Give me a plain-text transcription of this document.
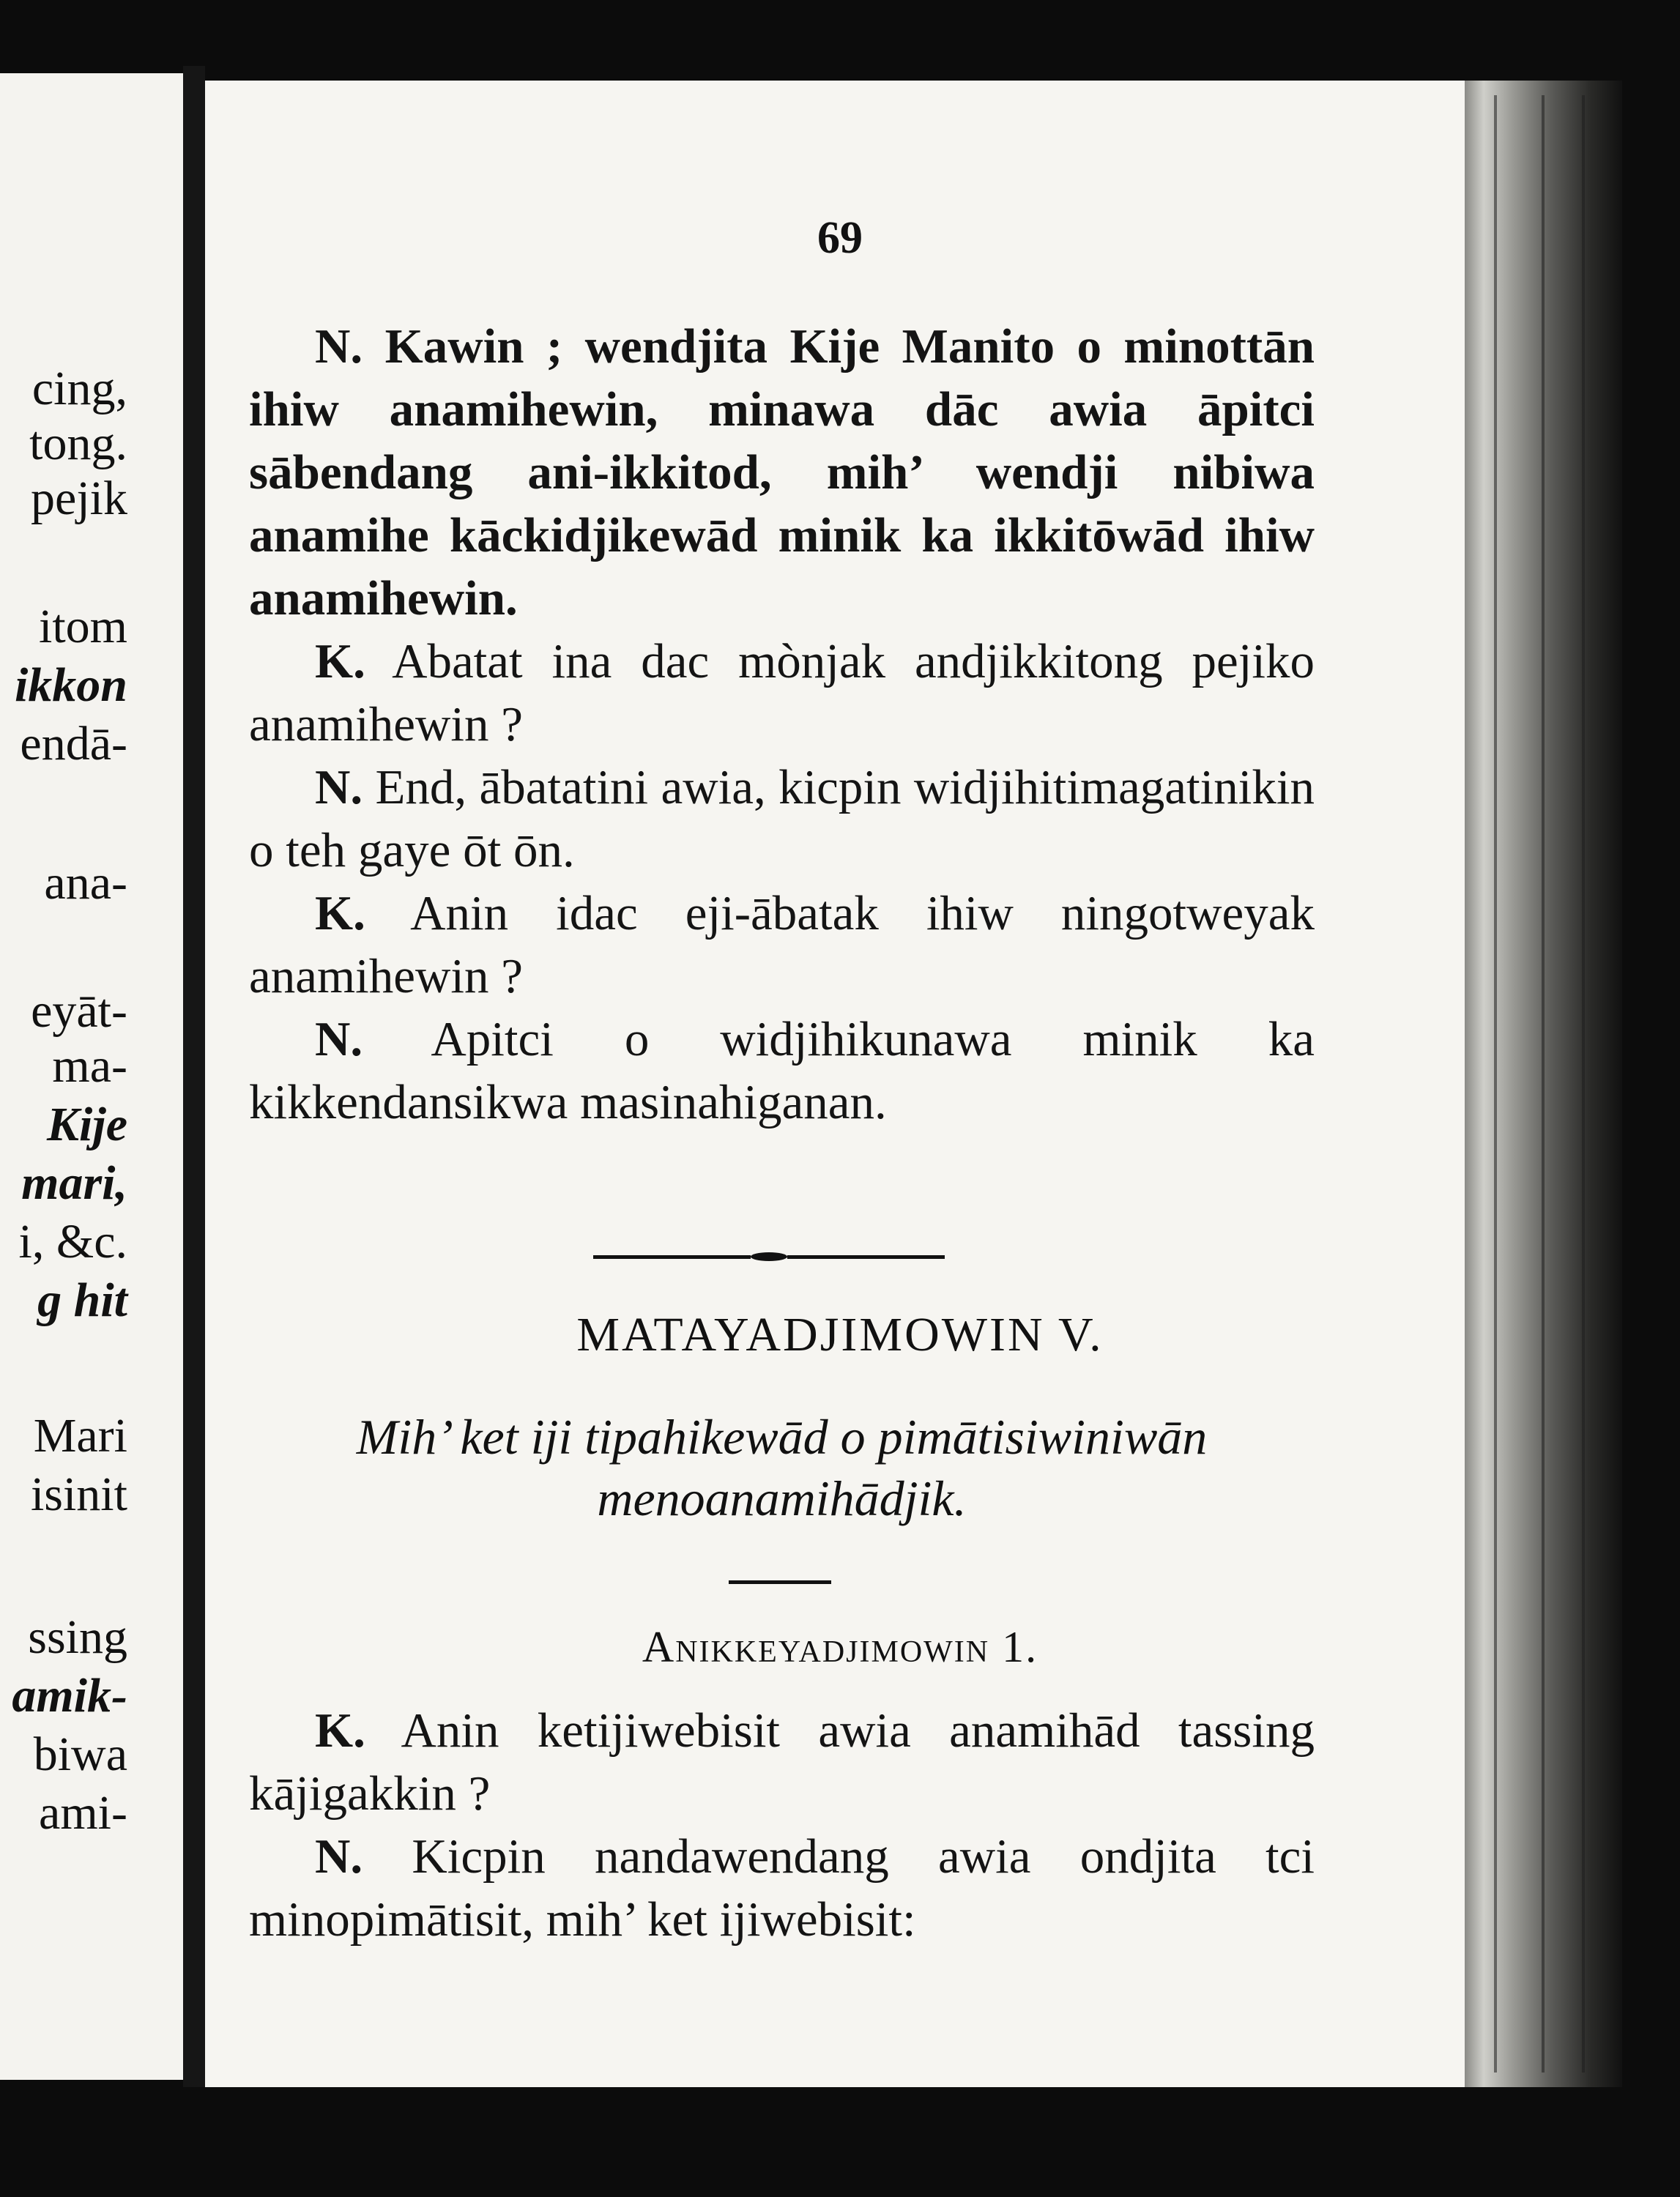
cing,
tong.
pejik
itom
ikkon
endā-
ana-
eyāt-
ma-
Kije
mari,
i, &c.
g hit
Mari
isinit
ssing
amik-
biwa
ami-
69

N. Kawin ; wendjita Kije Manito o minottān ihiw anamihewin, minawa dāc awia āpitci sābendang ani-ikkitod, mih’ wendji nibiwa anamihe kāckidjikewād minik ka ikkitōwād ihiw anamihewin.

K. Abatat ina dac mònjak andjikkitong pejiko anamihewin ?

N. End, ābatatini awia, kicpin widjihitimagatinikin o teh gaye ōt ōn.

K. Anin idac eji-ābatak ihiw ningotweyak anamihewin ?

N. Apitci o widjihikunawa minik ka kikkendansikwa masinahiganan.

MATAYADJIMOWIN V.
Mih’ ket iji tipahikewād o pimātisiwiniwān menoanamihādjik.
Anikkeyadjimowin 1.

K. Anin ketijiwebisit awia anamihād tassing kājigakkin ?

N. Kicpin nandawendang awia ondjita tci minopimātisit, mih’ ket ijiwebisit:
